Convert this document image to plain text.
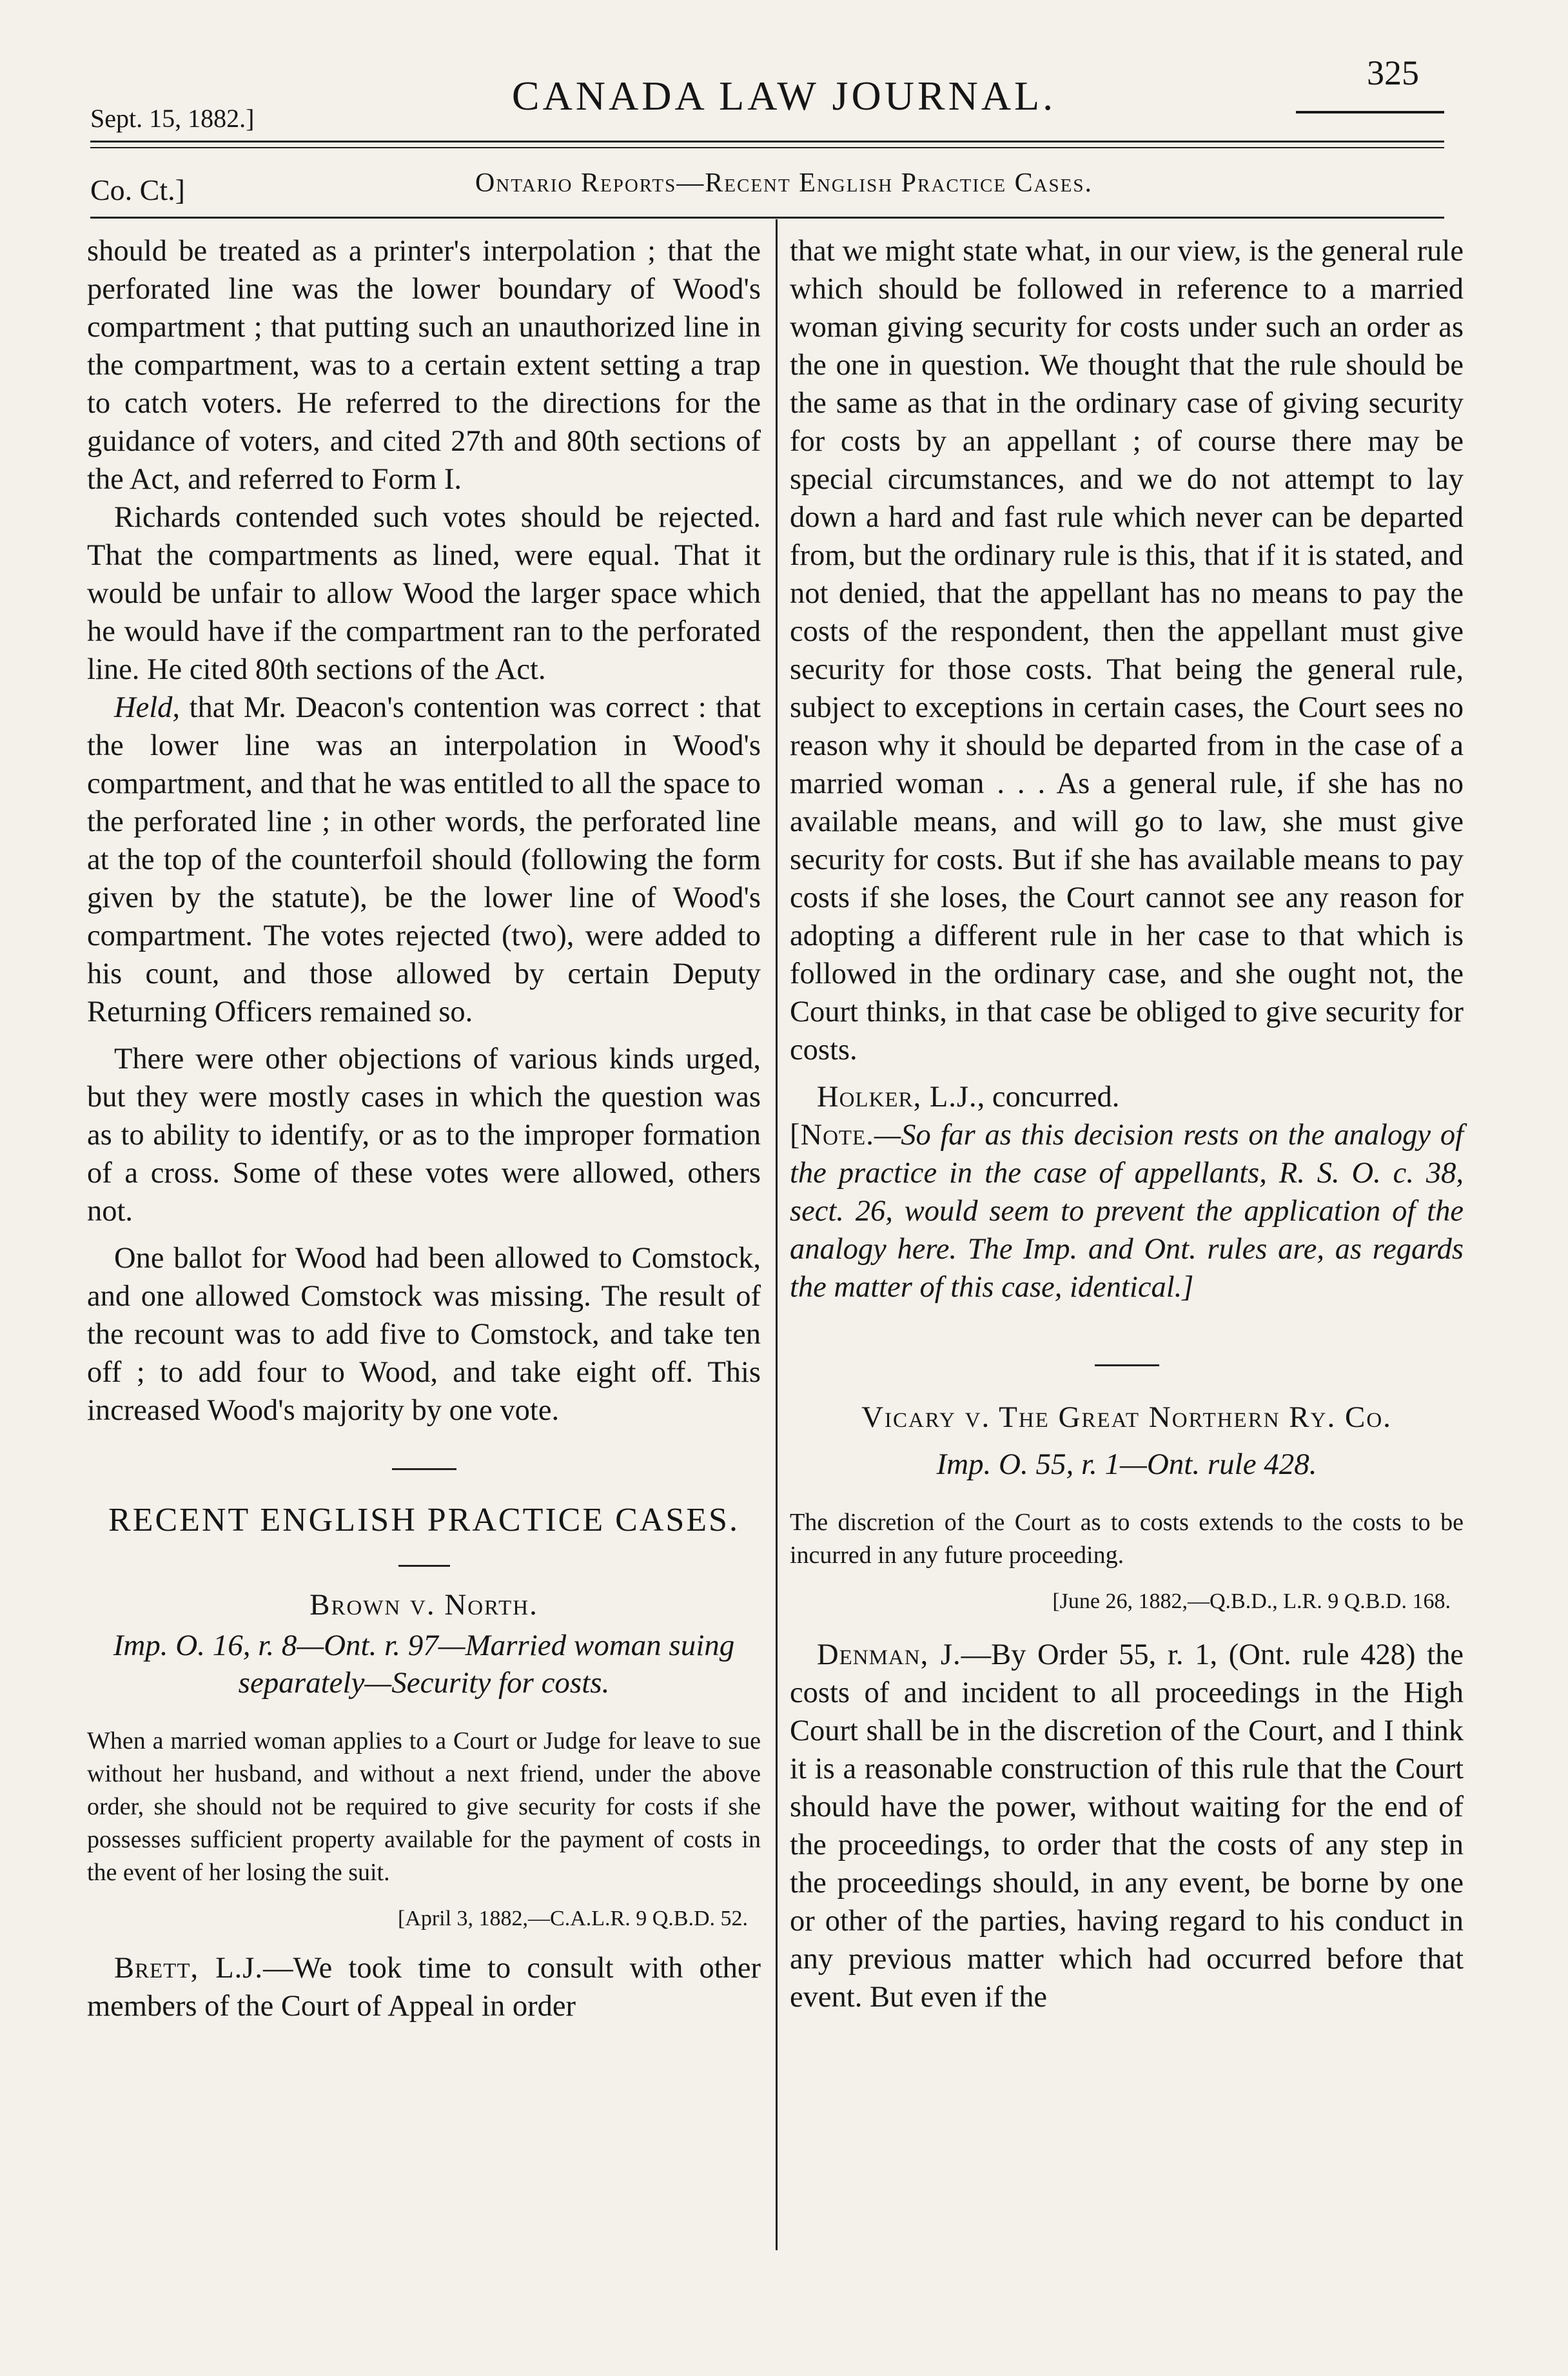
Sept. 15, 1882.]	CANADA LAW JOURNAL.	325
Co. Ct.]	Ontario Reports—Recent English Practice Cases.

should be treated as a printer's interpolation ; that the perforated line was the lower boundary of Wood's compartment ; that putting such an unauthorized line in the compartment, was to a certain extent setting a trap to catch voters. He referred to the directions for the guidance of voters, and cited 27th and 80th sections of the Act, and referred to Form I.

Richards contended such votes should be rejected. That the compartments as lined, were equal. That it would be unfair to allow Wood the larger space which he would have if the compartment ran to the perforated line. He cited 80th sections of the Act.

Held, that Mr. Deacon's contention was correct : that the lower line was an interpolation in Wood's compartment, and that he was entitled to all the space to the perforated line ; in other words, the perforated line at the top of the counterfoil should (following the form given by the statute), be the lower line of Wood's compartment. The votes rejected (two), were added to his count, and those allowed by certain Deputy Returning Officers remained so.

There were other objections of various kinds urged, but they were mostly cases in which the question was as to ability to identify, or as to the improper formation of a cross. Some of these votes were allowed, others not.

One ballot for Wood had been allowed to Comstock, and one allowed Comstock was missing. The result of the recount was to add five to Comstock, and take ten off ; to add four to Wood, and take eight off. This increased Wood's majority by one vote.

RECENT ENGLISH PRACTICE CASES.
Brown v. North.
Imp. O. 16, r. 8—Ont. r. 97—Married woman suing separately—Security for costs.
When a married woman applies to a Court or Judge for leave to sue without her husband, and without a next friend, under the above order, she should not be required to give security for costs if she possesses sufficient property available for the payment of costs in the event of her losing the suit.
[April 3, 1882,—C.A.L.R. 9 Q.B.D. 52.

Brett, L.J.—We took time to consult with other members of the Court of Appeal in order

that we might state what, in our view, is the general rule which should be followed in reference to a married woman giving security for costs under such an order as the one in question. We thought that the rule should be the same as that in the ordinary case of giving security for costs by an appellant ; of course there may be special circumstances, and we do not attempt to lay down a hard and fast rule which never can be departed from, but the ordinary rule is this, that if it is stated, and not denied, that the appellant has no means to pay the costs of the respondent, then the appellant must give security for those costs. That being the general rule, subject to exceptions in certain cases, the Court sees no reason why it should be departed from in the case of a married woman . . . As a general rule, if she has no available means, and will go to law, she must give security for costs. But if she has available means to pay costs if she loses, the Court cannot see any reason for adopting a different rule in her case to that which is followed in the ordinary case, and she ought not, the Court thinks, in that case be obliged to give security for costs.

Holker, L.J., concurred.

[Note.—So far as this decision rests on the analogy of the practice in the case of appellants, R. S. O. c. 38, sect. 26, would seem to prevent the application of the analogy here. The Imp. and Ont. rules are, as regards the matter of this case, identical.]

Vicary v. The Great Northern Ry. Co.
Imp. O. 55, r. 1—Ont. rule 428.
The discretion of the Court as to costs extends to the costs to be incurred in any future proceeding.
[June 26, 1882,—Q.B.D., L.R. 9 Q.B.D. 168.

Denman, J.—By Order 55, r. 1, (Ont. rule 428) the costs of and incident to all proceedings in the High Court shall be in the discretion of the Court, and I think it is a reasonable construction of this rule that the Court should have the power, without waiting for the end of the proceedings, to order that the costs of any step in the proceedings should, in any event, be borne by one or other of the parties, having regard to his conduct in any previous matter which had occurred before that event. But even if the
